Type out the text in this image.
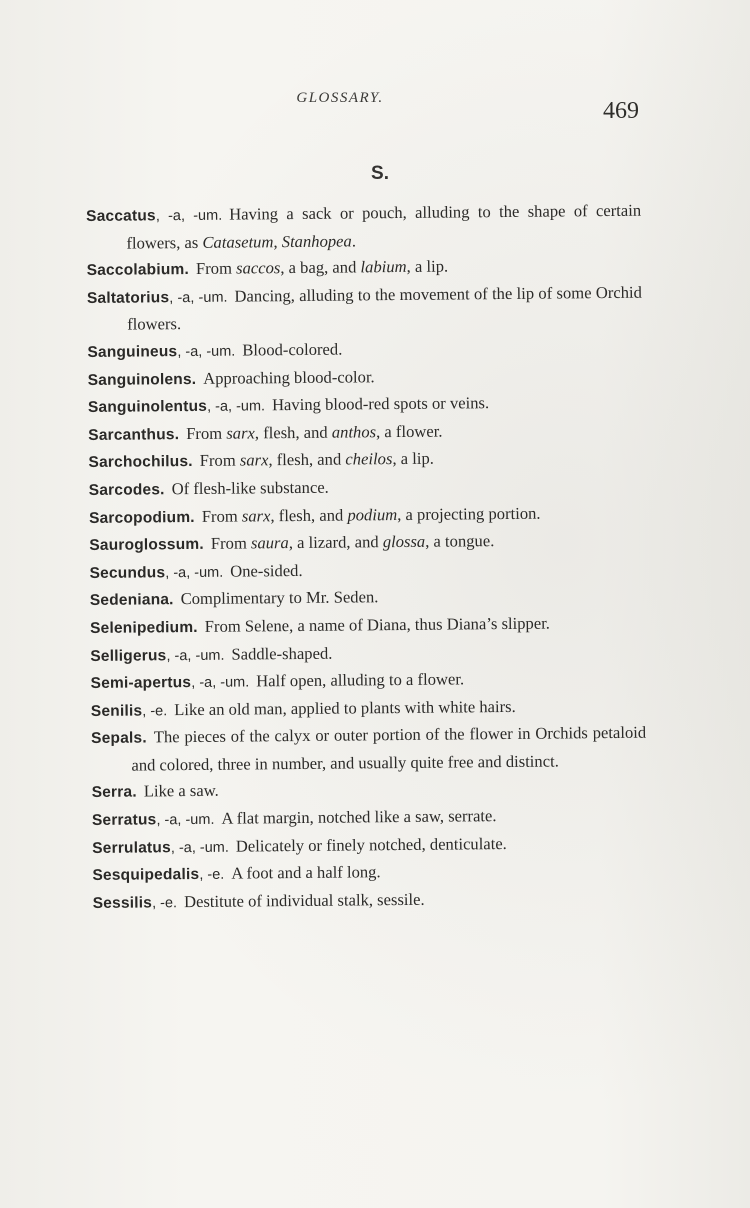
GLOSSARY.	469
S.

Saccatus, -a, -um. Having a sack or pouch, alluding to the shape of certain flowers, as Catasetum, Stanhopea.

Saccolabium. From saccos, a bag, and labium, a lip.

Saltatorius, -a, -um. Dancing, alluding to the movement of the lip of some Orchid flowers.

Sanguineus, -a, -um. Blood-colored.

Sanguinolens. Approaching blood-color.

Sanguinolentus, -a, -um. Having blood-red spots or veins.

Sarcanthus. From sarx, flesh, and anthos, a flower.

Sarchochilus. From sarx, flesh, and cheilos, a lip.

Sarcodes. Of flesh-like substance.

Sarcopodium. From sarx, flesh, and podium, a projecting portion.

Sauroglossum. From saura, a lizard, and glossa, a tongue.

Secundus, -a, -um. One-sided.

Sedeniana. Complimentary to Mr. Seden.

Selenipedium. From Selene, a name of Diana, thus Diana’s slipper.

Selligerus, -a, -um. Saddle-shaped.

Semi-apertus, -a, -um. Half open, alluding to a flower.

Senilis, -e. Like an old man, applied to plants with white hairs.

Sepals. The pieces of the calyx or outer portion of the flower in Orchids petaloid and colored, three in number, and usually quite free and distinct.

Serra. Like a saw.

Serratus, -a, -um. A flat margin, notched like a saw, serrate.

Serrulatus, -a, -um. Delicately or finely notched, denticulate.

Sesquipedalis, -e. A foot and a half long.

Sessilis, -e. Destitute of individual stalk, sessile.
